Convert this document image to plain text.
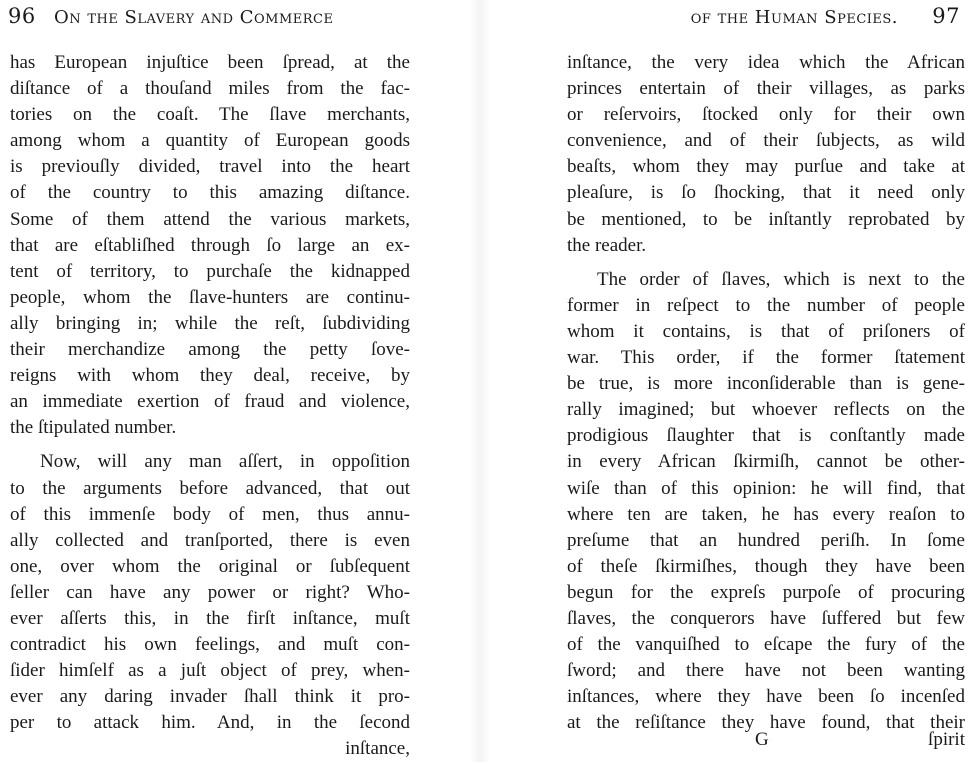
96 On the Slavery and Commerce
has European injuſtice been ſpread, at the
diſtance of a thouſand miles from the fac-
tories on the coaſt. The ſlave merchants,
among whom a quantity of European goods
is previouſly divided, travel into the heart
of the country to this amazing diſtance.
Some of them attend the various markets,
that are eſtabliſhed through ſo large an ex-
tent of territory, to purchaſe the kidnapped
people, whom the ſlave-hunters are continu-
ally bringing in; while the reſt, ſubdividing
their merchandize among the petty ſove-
reigns with whom they deal, receive, by
an immediate exertion of fraud and violence,
the ſtipulated number.
Now, will any man aſſert, in oppoſition
to the arguments before advanced, that out
of this immenſe body of men, thus annu-
ally collected and tranſported, there is even
one, over whom the original or ſubſequent
ſeller can have any power or right? Who-
ever aſſerts this, in the firſt inſtance, muſt
contradict his own feelings, and muſt con-
ſider himſelf as a juſt object of prey, when-
ever any daring invader ſhall think it pro-
per to attack him. And, in the ſecond
inſtance,
of the Human Species. 97
inſtance, the very idea which the African
princes entertain of their villages, as parks
or reſervoirs, ſtocked only for their own
convenience, and of their ſubjects, as wild
beaſts, whom they may purſue and take at
pleaſure, is ſo ſhocking, that it need only
be mentioned, to be inſtantly reprobated by
the reader.
The order of ſlaves, which is next to the
former in reſpect to the number of people
whom it contains, is that of priſoners of
war. This order, if the former ſtatement
be true, is more inconſiderable than is gene-
rally imagined; but whoever reflects on the
prodigious ſlaughter that is conſtantly made
in every African ſkirmiſh, cannot be other-
wiſe than of this opinion: he will find, that
where ten are taken, he has every reaſon to
preſume that an hundred periſh. In ſome
of theſe ſkirmiſhes, though they have been
begun for the expreſs purpoſe of procuring
ſlaves, the conquerors have ſuffered but few
of the vanquiſhed to eſcape the fury of the
ſword; and there have not been wanting
inſtances, where they have been ſo incenſed
at the reſiſtance they have found, that their
G	ſpirit
